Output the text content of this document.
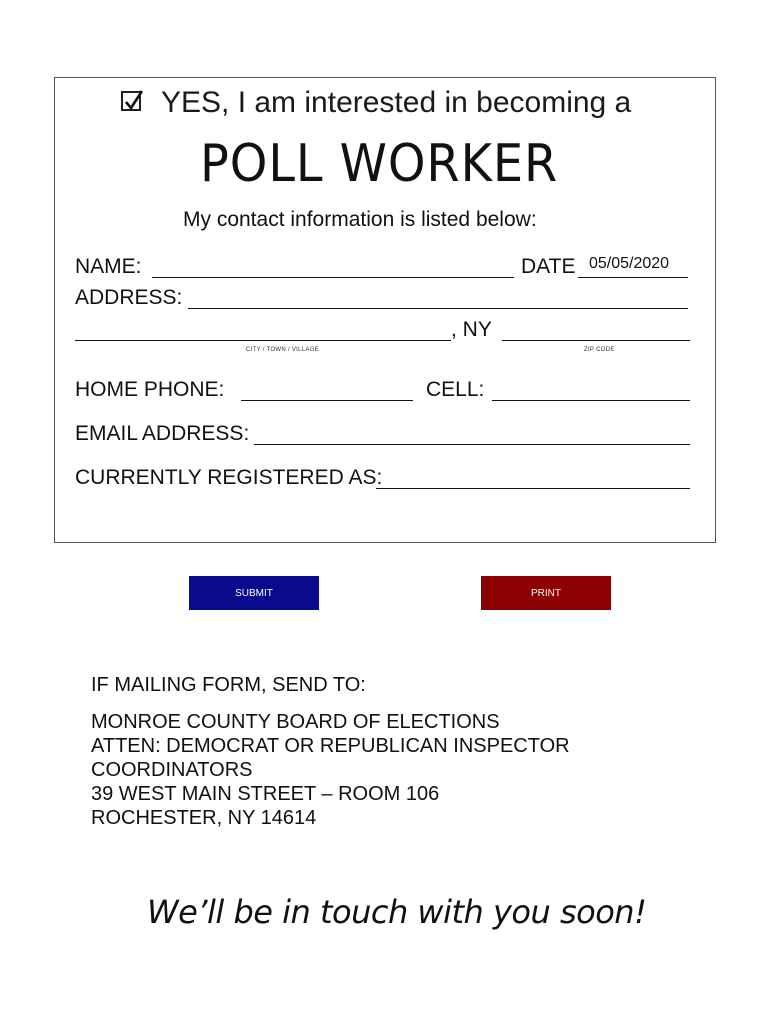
YES, I am interested in becoming a
POLL WORKER
My contact information is listed below:
NAME:	DATE 05/05/2020
ADDRESS:
, NY
CITY / TOWN / VILLAGE	ZIP CODE
HOME PHONE:	CELL:
EMAIL ADDRESS:
CURRENTLY REGISTERED AS:
SUBMIT	PRINT
IF MAILING FORM, SEND TO:
MONROE COUNTY BOARD OF ELECTIONS
ATTEN: DEMOCRAT OR REPUBLICAN INSPECTOR
COORDINATORS
39 WEST MAIN STREET – ROOM 106
ROCHESTER, NY 14614
We’ll be in touch with you soon!
